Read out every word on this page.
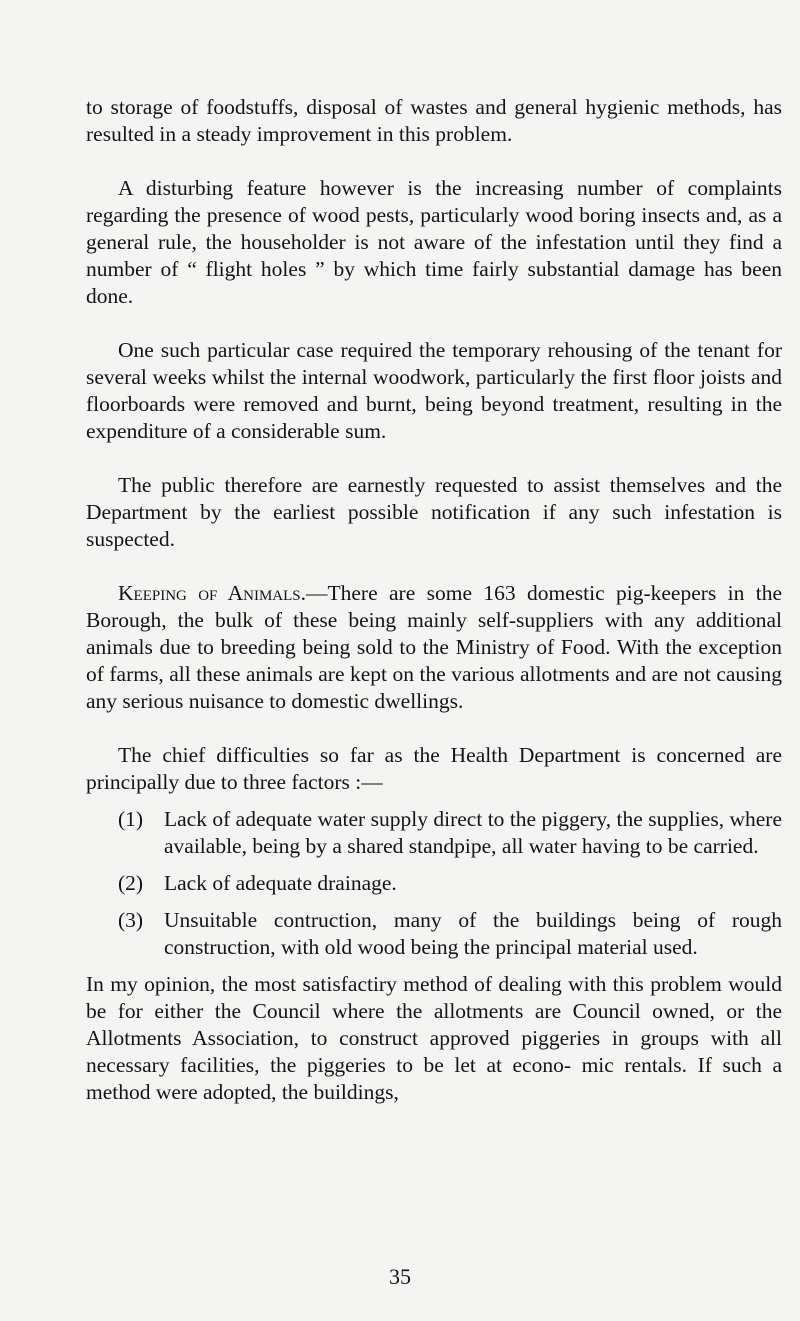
to storage of foodstuffs, disposal of wastes and general hygienic methods, has resulted in a steady improvement in this problem.

A disturbing feature however is the increasing number of complaints regarding the presence of wood pests, particularly wood boring insects and, as a general rule, the householder is not aware of the infestation until they find a number of “ flight holes ” by which time fairly substantial damage has been done.

One such particular case required the temporary rehousing of the tenant for several weeks whilst the internal woodwork, particularly the first floor joists and floorboards were removed and burnt, being beyond treatment, resulting in the expenditure of a considerable sum.

The public therefore are earnestly requested to assist themselves and the Department by the earliest possible notification if any such infestation is suspected.

Keeping of Animals.—There are some 163 domestic pig-keepers in the Borough, the bulk of these being mainly self-suppliers with any additional animals due to breeding being sold to the Ministry of Food. With the exception of farms, all these animals are kept on the various allotments and are not causing any serious nuisance to domestic dwellings.

The chief difficulties so far as the Health Department is concerned are principally due to three factors :—

(1) Lack of adequate water supply direct to the piggery, the supplies, where available, being by a shared standpipe, all water having to be carried.
(2) Lack of adequate drainage.
(3) Unsuitable contruction, many of the buildings being of rough construction, with old wood being the principal material used.

In my opinion, the most satisfactiry method of dealing with this problem would be for either the Council where the allotments are Council owned, or the Allotments Association, to construct approved piggeries in groups with all necessary facilities, the piggeries to be let at econo- mic rentals. If such a method were adopted, the buildings,

35
